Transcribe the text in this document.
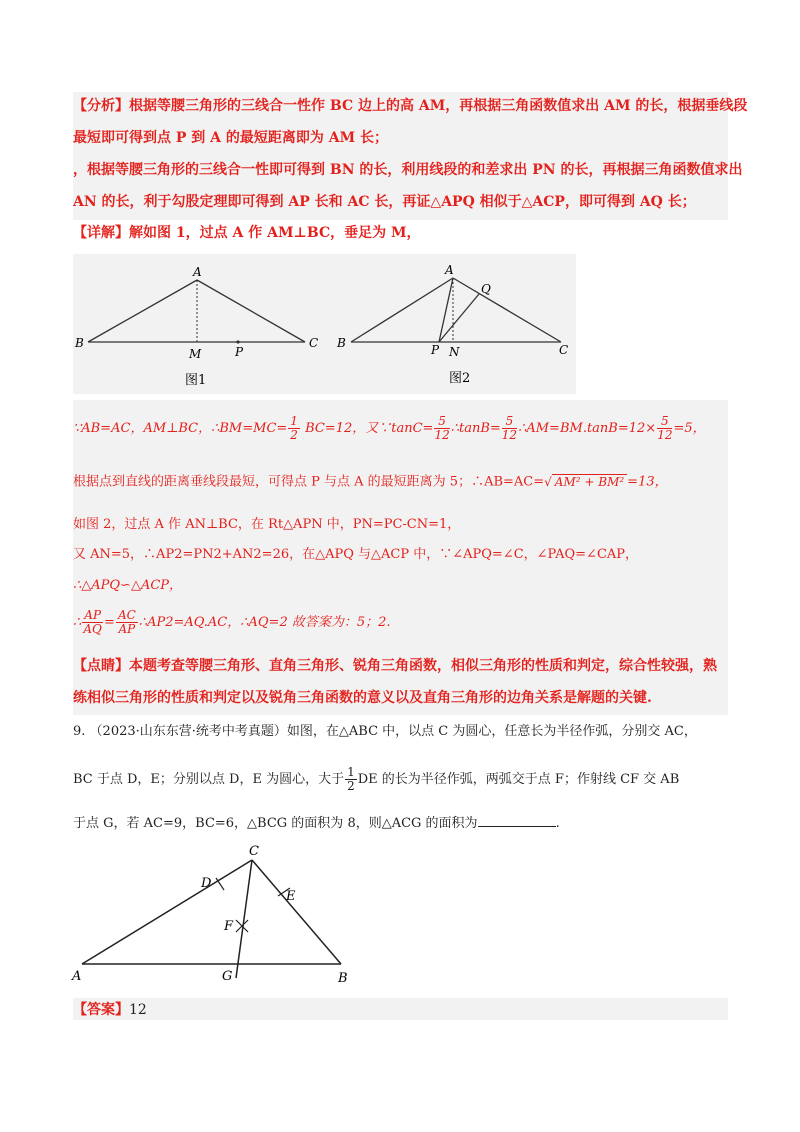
【分析】根据等腰三角形的三线合一性作 BC 边上的高 AM，再根据三角函数值求出 AM 的长，根据垂线段
最短即可得到点 P 到 A 的最短距离即为 AM 长；
，根据等腰三角形的三线合一性即可得到 BN 的长，利用线段的和差求出 PN 的长，再根据三角函数值求出
AN 的长，利于勾股定理即可得到 AP 长和 AC 长，再证△APQ 相似于△ACP，即可得到 AQ 长；
【详解】解如图 1，过点 A 作 AM⊥BC，垂足为 M，
A
B	C
M	P
图1
A
Q
B	C
P N
图2
∵AB=AC，AM⊥BC，∴BM=MC= $\frac{1}{2} BC=12$，又∵tanC= $\frac{5}{12}$ ∴tanB= $\frac{5}{12}$ ∴AM=BM.tanB=12× $\frac{5}{12} =5$，
根据点到直线的距离垂线段最短，可得点 P 与点 A 的最短距离为 5；∴AB=AC=√ AM² + BM² =13，
如图 2，过点 A 作 AN⊥BC，在 Rt△APN 中，PN=PC-CN=1，
又 AN=5，∴AP2=PN2+AN2=26，在△APQ 与△ACP 中，∵∠APQ=∠C，∠PAQ=∠CAP，
∴△APQ∽△ACP，
∴ $\frac{AP}{AQ} = \frac{AC}{AP}$ ∴AP2=AQ.AC，∴AQ=2 故答案为：5；2.
【点睛】本题考查等腰三角形、直角三角形、锐角三角函数，相似三角形的性质和判定，综合性较强，熟
练相似三角形的性质和判定以及锐角三角函数的意义以及直角三角形的边角关系是解题的关键.
9. （2023·山东东营·统考中考真题）如图，在△ABC 中，以点 C 为圆心，任意长为半径作弧，分别交 AC，
BC 于点 D，E；分别以点 D，E 为圆心，大于 $\frac{1}{2}$ DE 的长为半径作弧，两弧交于点 F；作射线 CF 交 AB
于点 G，若 AC=9，BC=6，△BCG 的面积为 8，则△ACG 的面积为	.
C
D
E
F
A	G	B
【答案】12
